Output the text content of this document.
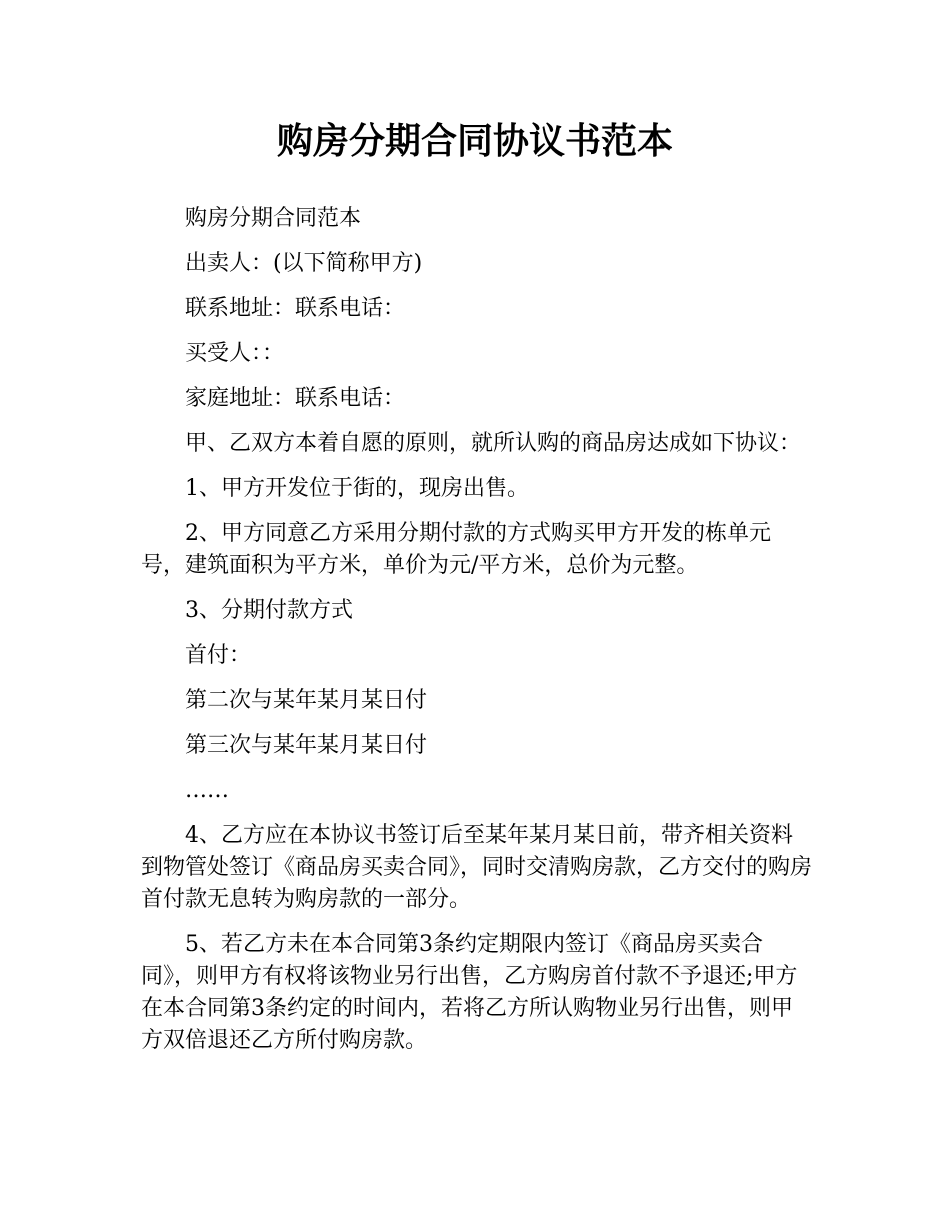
购房分期合同协议书范本

购房分期合同范本

出卖人：(以下简称甲方)

联系地址：联系电话：

买受人：：

家庭地址：联系电话：

甲、乙双方本着自愿的原则，就所认购的商品房达成如下协议：

1、甲方开发位于街的，现房出售。

2、甲方同意乙方采用分期付款的方式购买甲方开发的栋单元号，建筑面积为平方米，单价为元/平方米，总价为元整。

3、分期付款方式

首付：

第二次与某年某月某日付

第三次与某年某月某日付

……

4、乙方应在本协议书签订后至某年某月某日前，带齐相关资料到物管处签订《商品房买卖合同》，同时交清购房款，乙方交付的购房首付款无息转为购房款的一部分。

5、若乙方未在本合同第3条约定期限内签订《商品房买卖合同》，则甲方有权将该物业另行出售，乙方购房首付款不予退还;甲方在本合同第3条约定的时间内，若将乙方所认购物业另行出售，则甲方双倍退还乙方所付购房款。
